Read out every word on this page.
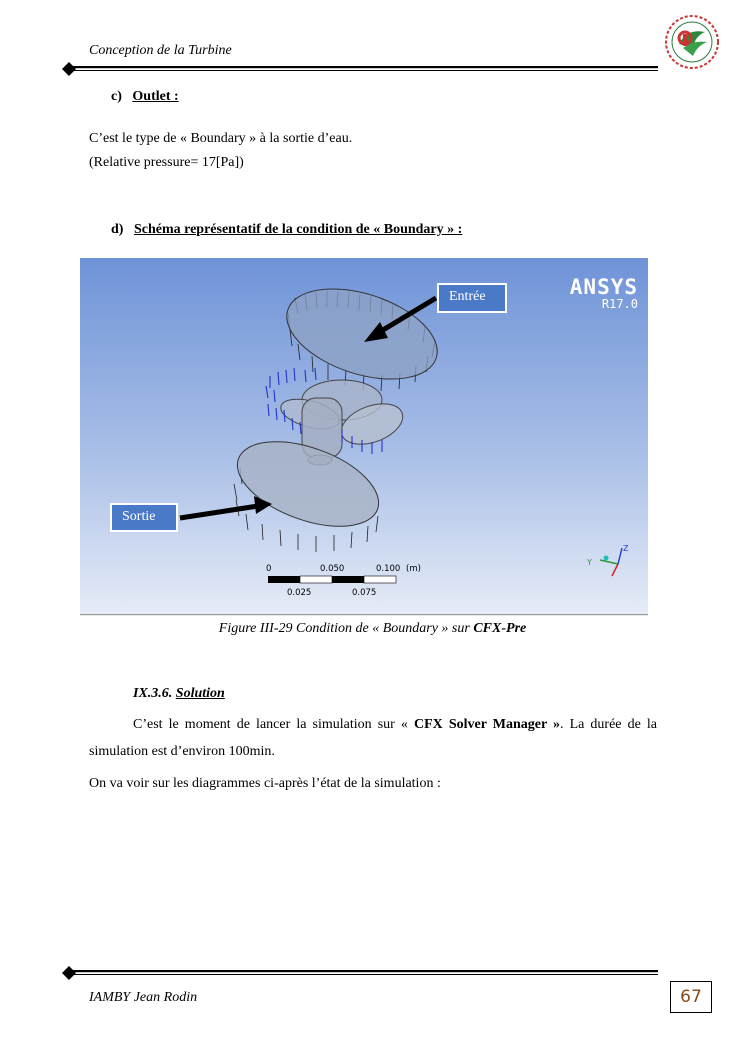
Conception de la Turbine
c) Outlet :
C’est le type de « Boundary » à la sortie d’eau.
(Relative pressure= 17[Pa])
d) Schéma représentatif de la condition de « Boundary » :
0	0.050	0.100 (m)
0.025	0.075
Z
Y
ANSYS
R17.0
Entrée
Sortie
Figure III-29 Condition de « Boundary » sur CFX-Pre
IX.3.6. Solution
C’est le moment de lancer la simulation sur « CFX Solver Manager ». La durée de la simulation est d’environ 100min.
On va voir sur les diagrammes ci-après l’état de la simulation :
IAMBY Jean Rodin	67
